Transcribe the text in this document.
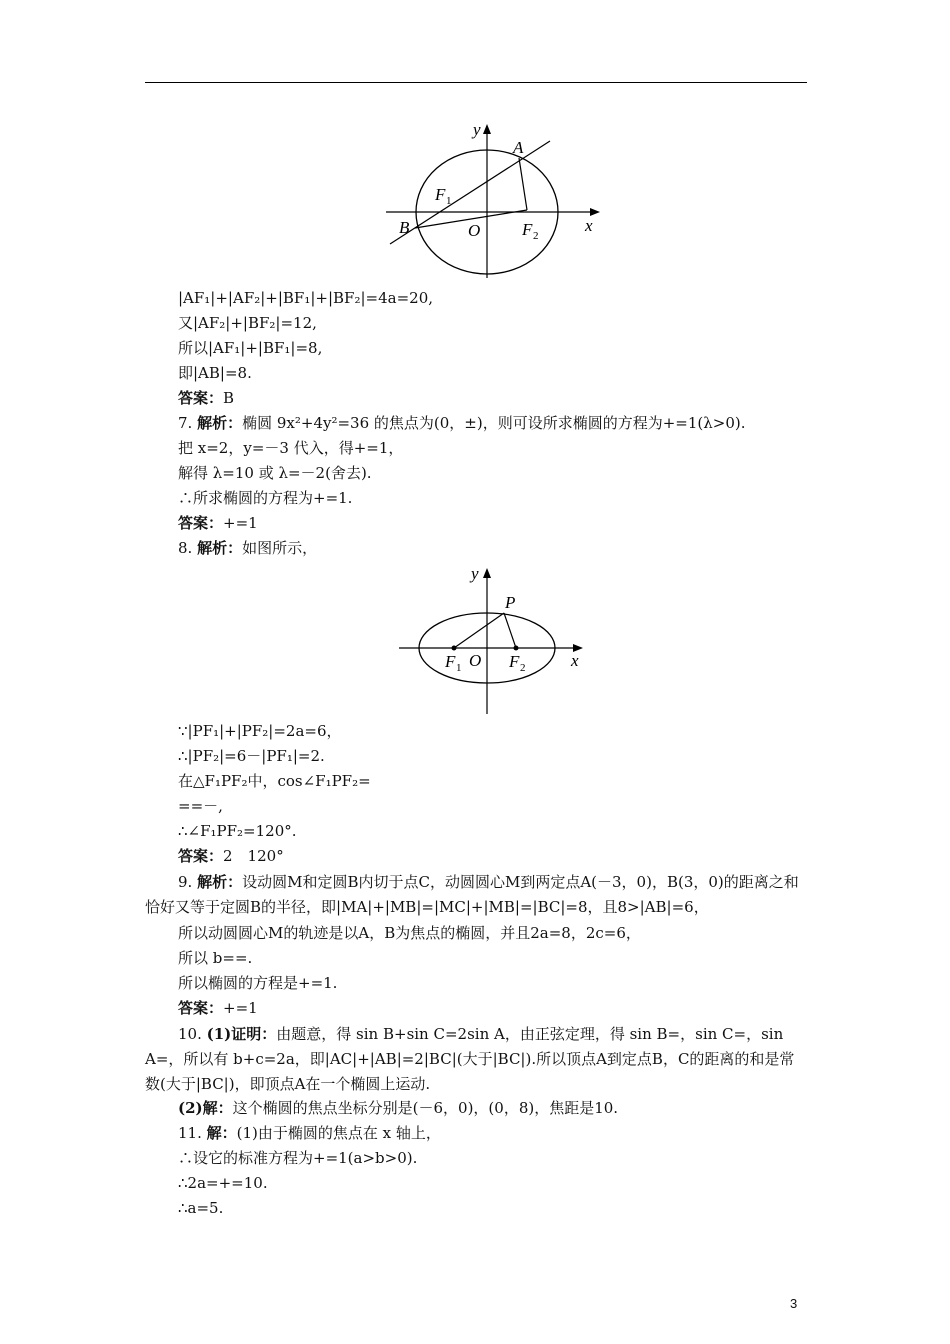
y
A
F 1
B	O F 2
x
|AF₁|+|AF₂|+|BF₁|+|BF₂|=4a=20,
又|AF₂|+|BF₂|=12,
所以|AF₁|+|BF₁|=8,
即|AB|=8.
答案：B
7. 解析：椭圆 9x²+4y²=36 的焦点为(0，±)，则可设所求椭圆的方程为+=1(λ>0).
把 x=2，y=－3 代入，得+=1，
解得 λ=10 或 λ=－2(舍去).
∴所求椭圆的方程为+=1.
答案：+=1
8. 解析：如图所示，
y
P
F 1 O F 2	x
∵|PF₁|+|PF₂|=2a=6，
∴|PF₂|=6－|PF₁|=2.
在△F₁PF₂中，cos∠F₁PF₂=
==－,
∴∠F₁PF₂=120°.
答案：2　120°
9. 解析：设动圆M和定圆B内切于点C，动圆圆心M到两定点A(－3，0)，B(3，0)的距离之和恰好又等于定圆B的半径，即|MA|+|MB|=|MC|+|MB|=|BC|=8，且8>|AB|=6，
所以动圆圆心M的轨迹是以A，B为焦点的椭圆，并且2a=8，2c=6，
所以 b==.
所以椭圆的方程是+=1.
答案：+=1
10. (1)证明：由题意，得 sin B+sin C=2sin A，由正弦定理，得 sin B=，sin C=，sin A=，所以有 b+c=2a，即|AC|+|AB|=2|BC|(大于|BC|).所以顶点A到定点B，C的距离的和是常数(大于|BC|)，即顶点A在一个椭圆上运动.
(2)解：这个椭圆的焦点坐标分别是(－6，0)，(0，8)，焦距是10.
11. 解：(1)由于椭圆的焦点在 x 轴上，
∴设它的标准方程为+=1(a>b>0).
∴2a=+=10.
∴a=5.
3
